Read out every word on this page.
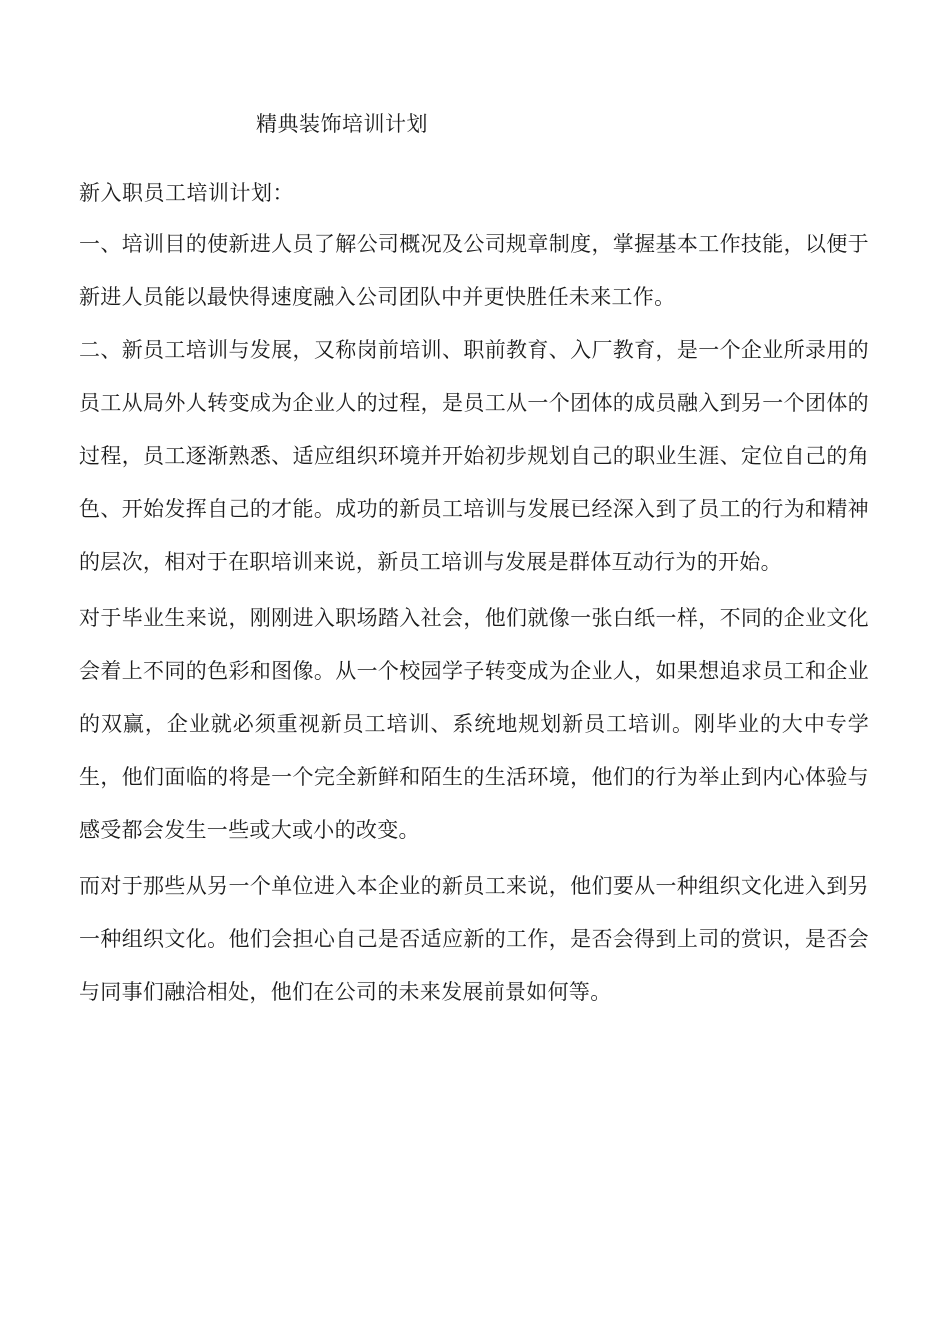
精典装饰培训计划
新入职员工培训计划：

一、培训目的使新进人员了解公司概况及公司规章制度，掌握基本工作技能，以便于新进人员能以最快得速度融入公司团队中并更快胜任未来工作。

二、新员工培训与发展，又称岗前培训、职前教育、入厂教育，是一个企业所录用的员工从局外人转变成为企业人的过程，是员工从一个团体的成员融入到另一个团体的过程，员工逐渐熟悉、适应组织环境并开始初步规划自己的职业生涯、定位自己的角色、开始发挥自己的才能。成功的新员工培训与发展已经深入到了员工的行为和精神的层次，相对于在职培训来说，新员工培训与发展是群体互动行为的开始。

对于毕业生来说，刚刚进入职场踏入社会，他们就像一张白纸一样，不同的企业文化会着上不同的色彩和图像。从一个校园学子转变成为企业人，如果想追求员工和企业的双赢，企业就必须重视新员工培训、系统地规划新员工培训。刚毕业的大中专学生，他们面临的将是一个完全新鲜和陌生的生活环境，他们的行为举止到内心体验与感受都会发生一些或大或小的改变。

而对于那些从另一个单位进入本企业的新员工来说，他们要从一种组织文化进入到另一种组织文化。他们会担心自己是否适应新的工作，是否会得到上司的赏识，是否会与同事们融洽相处，他们在公司的未来发展前景如何等。
